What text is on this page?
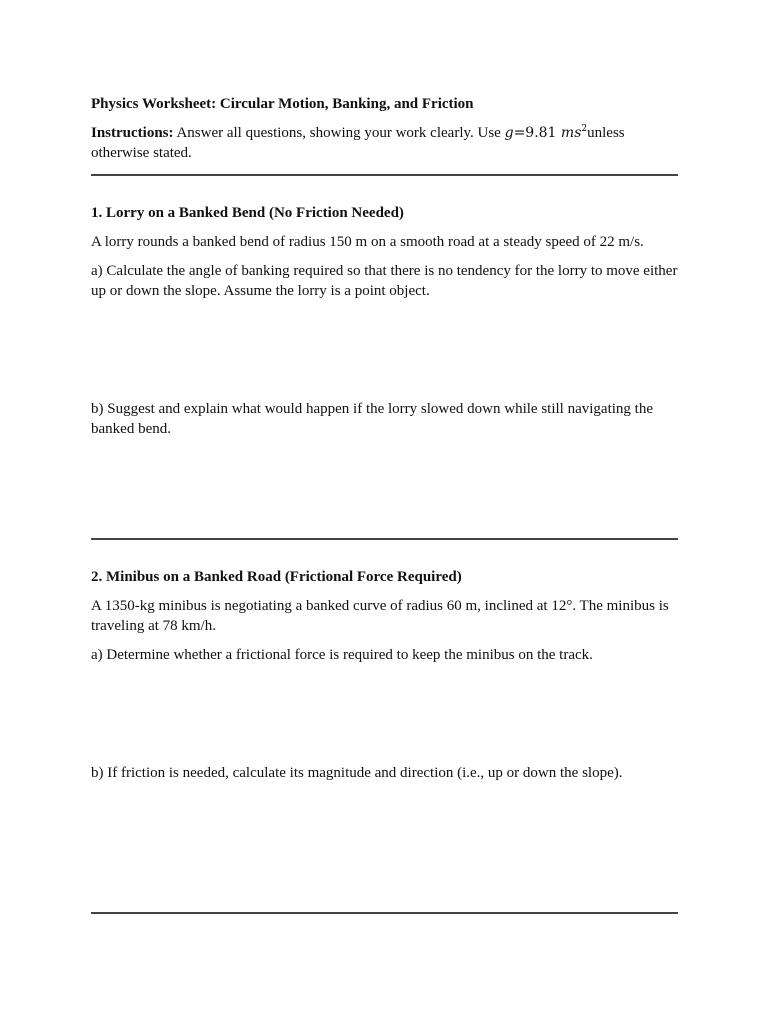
Physics Worksheet: Circular Motion, Banking, and Friction

Instructions: Answer all questions, showing your work clearly. Use g=9.81 $ms^2unless$
otherwise stated.

1. Lorry on a Banked Bend (No Friction Needed)

A lorry rounds a banked bend of radius 150 m on a smooth road at a steady speed of 22 m/s.

a) Calculate the angle of banking required so that there is no tendency for the lorry to move either up or down the slope. Assume the lorry is a point object.

b) Suggest and explain what would happen if the lorry slowed down while still navigating the banked bend.

2. Minibus on a Banked Road (Frictional Force Required)

A 1350-kg minibus is negotiating a banked curve of radius 60 m, inclined at 12°. The minibus is traveling at 78 km/h.

a) Determine whether a frictional force is required to keep the minibus on the track.

b) If friction is needed, calculate its magnitude and direction (i.e., up or down the slope).
